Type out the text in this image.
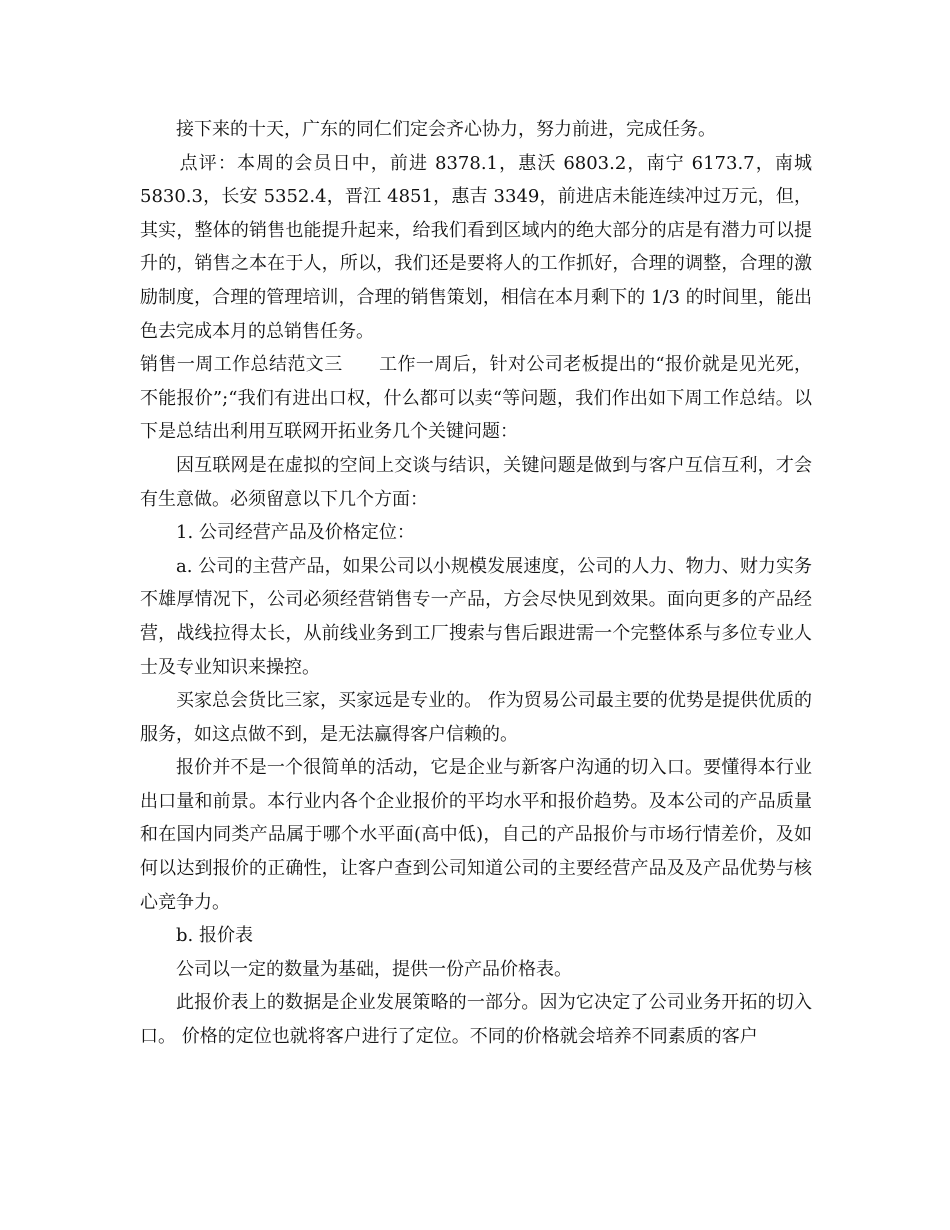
接下来的十天，广东的同仁们定会齐心协力，努力前进，完成任务。

点评：本周的会员日中，前进 8378.1，惠沃 6803.2，南宁 6173.7，南城5830.3，长安 5352.4，晋江 4851，惠吉 3349，前进店未能连续冲过万元，但，其实，整体的销售也能提升起来，给我们看到区域内的绝大部分的店是有潜力可以提升的，销售之本在于人，所以，我们还是要将人的工作抓好，合理的调整，合理的激励制度，合理的管理培训，合理的销售策划，相信在本月剩下的 1/3 的时间里，能出色去完成本月的总销售任务。

销售一周工作总结范文三 工作一周后，针对公司老板提出的“报价就是见光死，不能报价”;“我们有进出口权，什么都可以卖“等问题，我们作出如下周工作总结。以下是总结出利用互联网开拓业务几个关键问题：

因互联网是在虚拟的空间上交谈与结识，关键问题是做到与客户互信互利，才会有生意做。必须留意以下几个方面：

1. 公司经营产品及价格定位：

a. 公司的主营产品，如果公司以小规模发展速度，公司的人力、物力、财力实务不雄厚情况下，公司必须经营销售专一产品，方会尽快见到效果。面向更多的产品经营，战线拉得太长，从前线业务到工厂搜索与售后跟进需一个完整体系与多位专业人士及专业知识来操控。

买家总会货比三家，买家远是专业的。 作为贸易公司最主要的优势是提供优质的服务，如这点做不到，是无法赢得客户信赖的。

报价并不是一个很简单的活动，它是企业与新客户沟通的切入口。要懂得本行业出口量和前景。本行业内各个企业报价的平均水平和报价趋势。及本公司的产品质量和在国内同类产品属于哪个水平面(高中低)，自己的产品报价与市场行情差价，及如何以达到报价的正确性，让客户查到公司知道公司的主要经营产品及及产品优势与核心竞争力。

b. 报价表

公司以一定的数量为基础，提供一份产品价格表。

此报价表上的数据是企业发展策略的一部分。因为它决定了公司业务开拓的切入口。 价格的定位也就将客户进行了定位。不同的价格就会培养不同素质的客户
